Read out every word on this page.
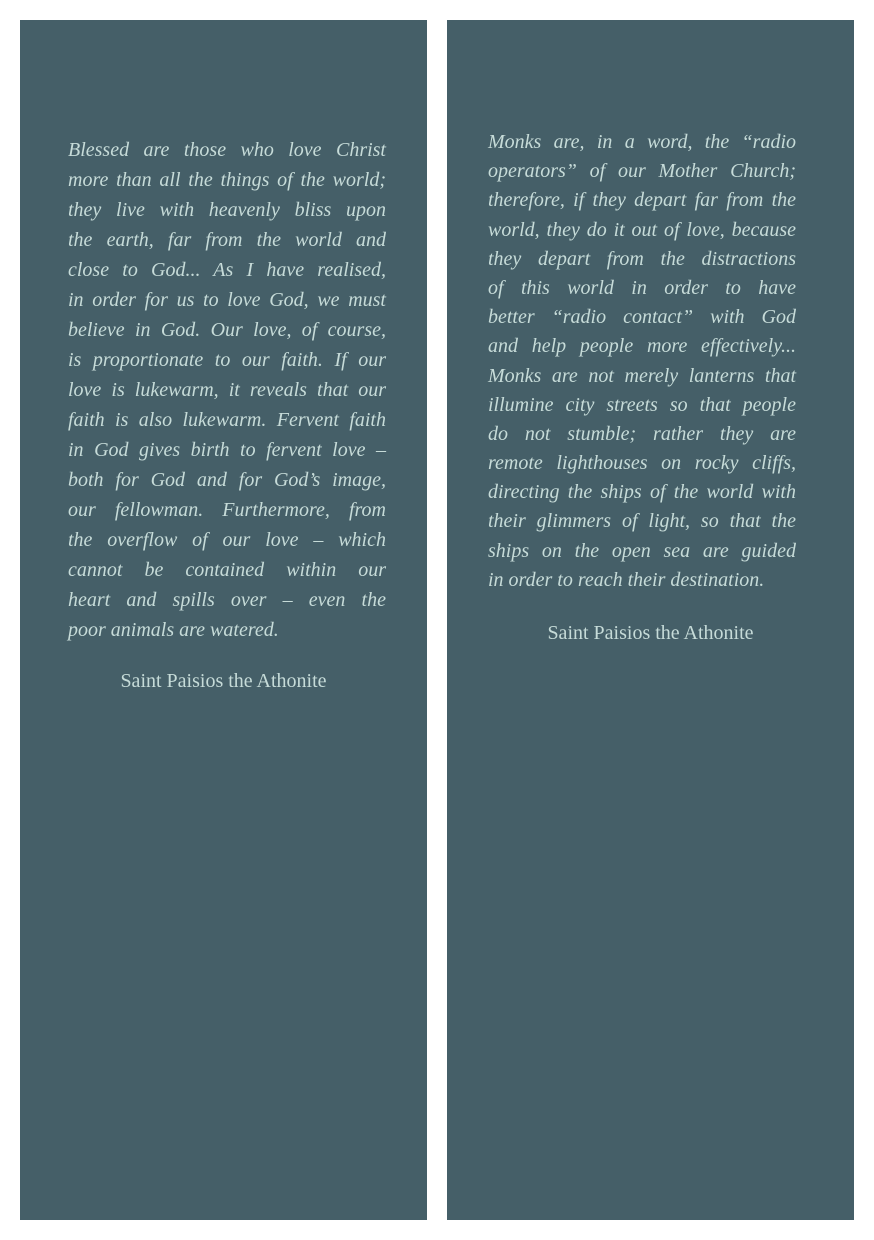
Blessed are those who love Christ
more than all the things of the world;
they live with heavenly bliss upon
the earth, far from the world and
close to God... As I have realised,
in order for us to love God, we must
believe in God. Our love, of course,
is proportionate to our faith. If our
love is lukewarm, it reveals that our
faith is also lukewarm. Fervent faith
in God gives birth to fervent love –
both for God and for God’s image,
our fellowman. Furthermore, from
the overflow of our love – which
cannot be contained within our
heart and spills over – even the
poor animals are watered.
Saint Paisios the Athonite
Monks are, in a word, the “radio
operators” of our Mother Church;
therefore, if they depart far from the
world, they do it out of love, because
they depart from the distractions
of this world in order to have
better “radio contact” with God
and help people more effectively...
Monks are not merely lanterns that
illumine city streets so that people
do not stumble; rather they are
remote lighthouses on rocky cliffs,
directing the ships of the world with
their glimmers of light, so that the
ships on the open sea are guided
in order to reach their destination.
Saint Paisios the Athonite
